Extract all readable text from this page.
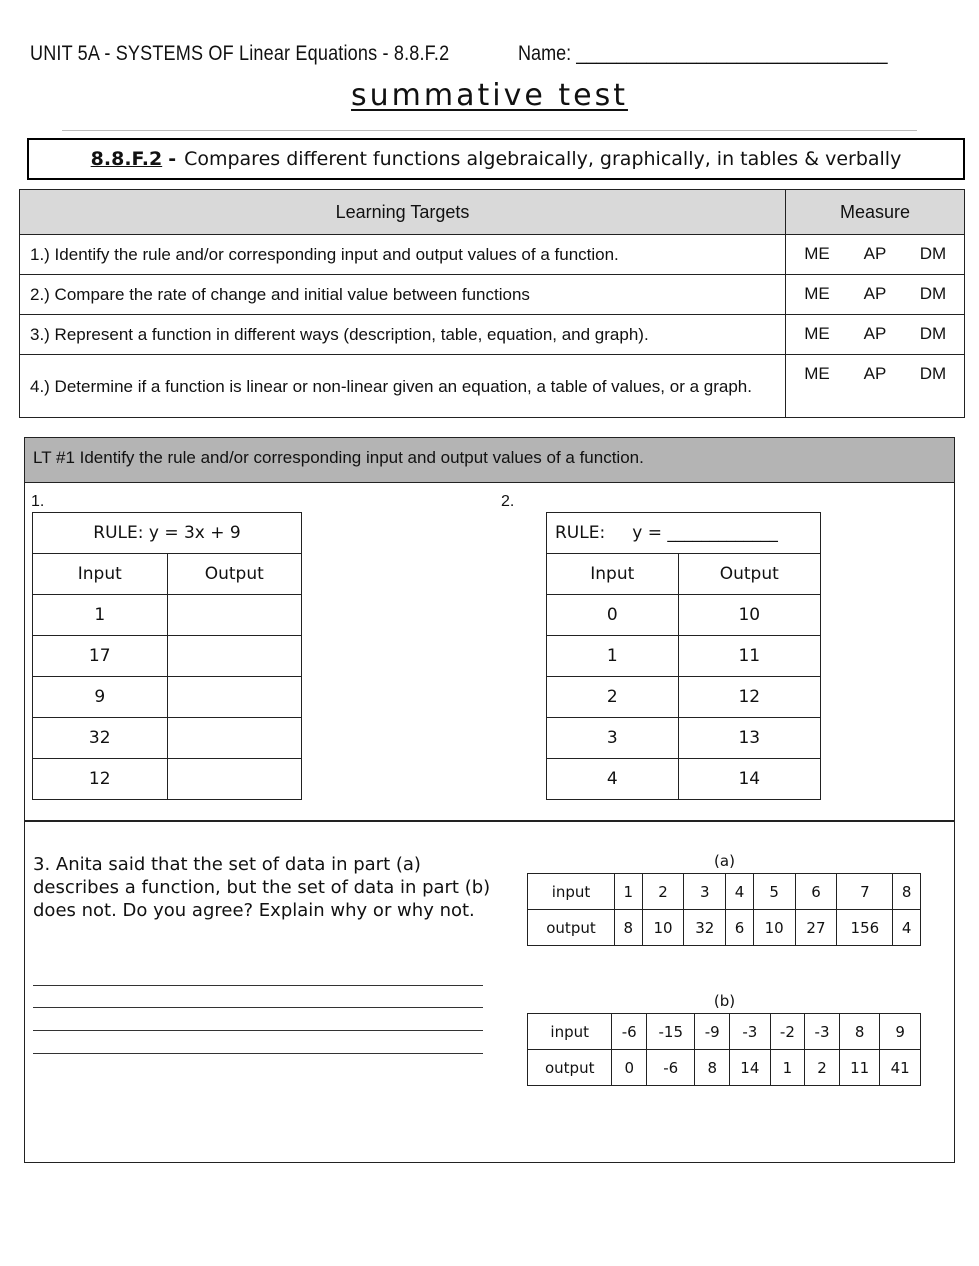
UNIT 5A - SYSTEMS OF Linear Equations - 8.8.F.2	Name: _______________________________
summative test
8.8.F.2 - Compares different functions algebraically, graphically, in tables & verbally
Learning Targets	Measure
1.) Identify the rule and/or corresponding input and output values of a function.	ME AP DM
2.) Compare the rate of change and initial value between functions	ME AP DM
3.) Represent a function in different ways (description, table, equation, and graph).	ME AP DM
4.) Determine if a function is linear or non-linear given an equation, a table of values, or a graph.	ME AP DM
LT #1 Identify the rule and/or corresponding input and output values of a function.
1.
RULE: y = 3x + 9	
Input	Output
1	
17	
9	
32	
12	
2.
RULE: y = _____________	
Input	Output
0	10
1	11
2	12
3	13
4	14
3. Anita said that the set of data in part (a) describes a function, but the set of data in part (b) does not. Do you agree? Explain why or why not.
(a)
input	1	2	3	4	5	6	7	8
output	8	10	32	6	10	27	156	4
(b)
input	-6	-15	-9	-3	-2	-3	8	9
output	0	-6	8	14	1	2	11	41
